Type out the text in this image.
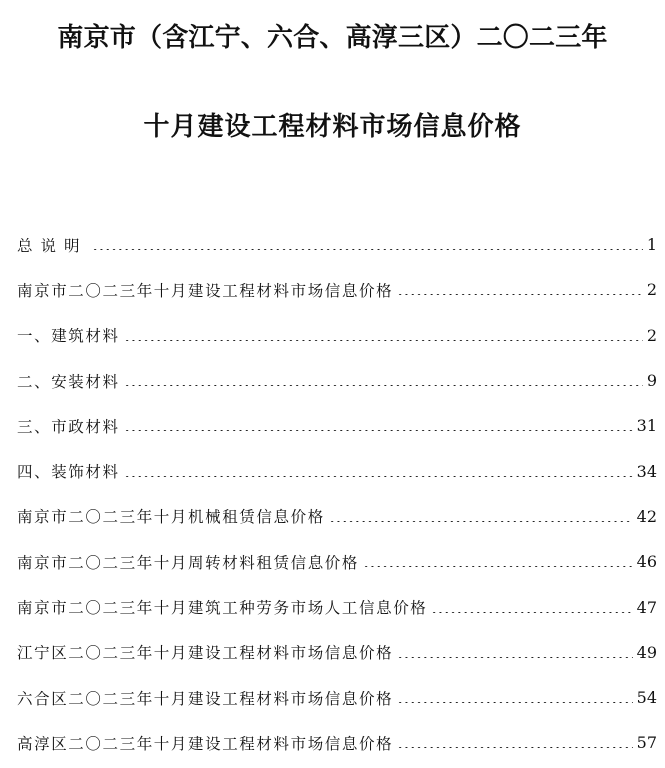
南京市（含江宁、六合、高淳三区）二〇二三年
十月建设工程材料市场信息价格
总说明	1
南京市二〇二三年十月建设工程材料市场信息价格	2
一、建筑材料	2
二、安装材料	9
三、市政材料	31
四、装饰材料	34
南京市二〇二三年十月机械租赁信息价格	42
南京市二〇二三年十月周转材料租赁信息价格	46
南京市二〇二三年十月建筑工种劳务市场人工信息价格	47
江宁区二〇二三年十月建设工程材料市场信息价格	49
六合区二〇二三年十月建设工程材料市场信息价格	54
高淳区二〇二三年十月建设工程材料市场信息价格	57
